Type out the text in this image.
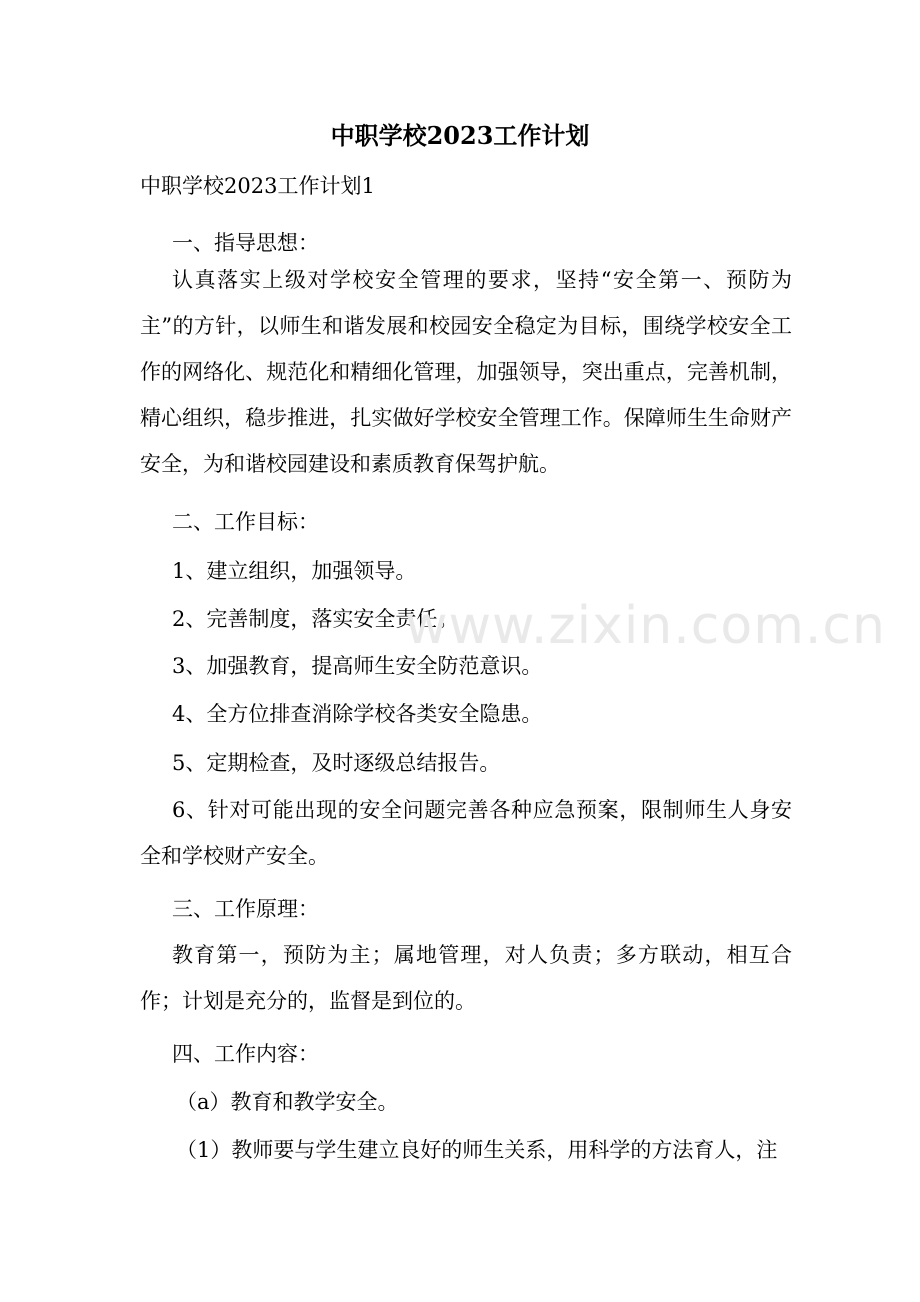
中职学校2023工作计划
中职学校2023工作计划1

一、指导思想：

认真落实上级对学校安全管理的要求，坚持“安全第一、预防为主”的方针，以师生和谐发展和校园安全稳定为目标，围绕学校安全工作的网络化、规范化和精细化管理，加强领导，突出重点，完善机制，精心组织，稳步推进，扎实做好学校安全管理工作。保障师生生命财产安全，为和谐校园建设和素质教育保驾护航。

二、工作目标：

1、建立组织，加强领导。

2、完善制度，落实安全责任。

3、加强教育，提高师生安全防范意识。

4、全方位排查消除学校各类安全隐患。

5、定期检查，及时逐级总结报告。

6、针对可能出现的安全问题完善各种应急预案，限制师生人身安全和学校财产安全。

三、工作原理：

教育第一，预防为主；属地管理，对人负责；多方联动，相互合作；计划是充分的，监督是到位的。

四、工作内容：

（a）教育和教学安全。

（1）教师要与学生建立良好的师生关系，用科学的方法育人，注

www.zixin.com.cn
